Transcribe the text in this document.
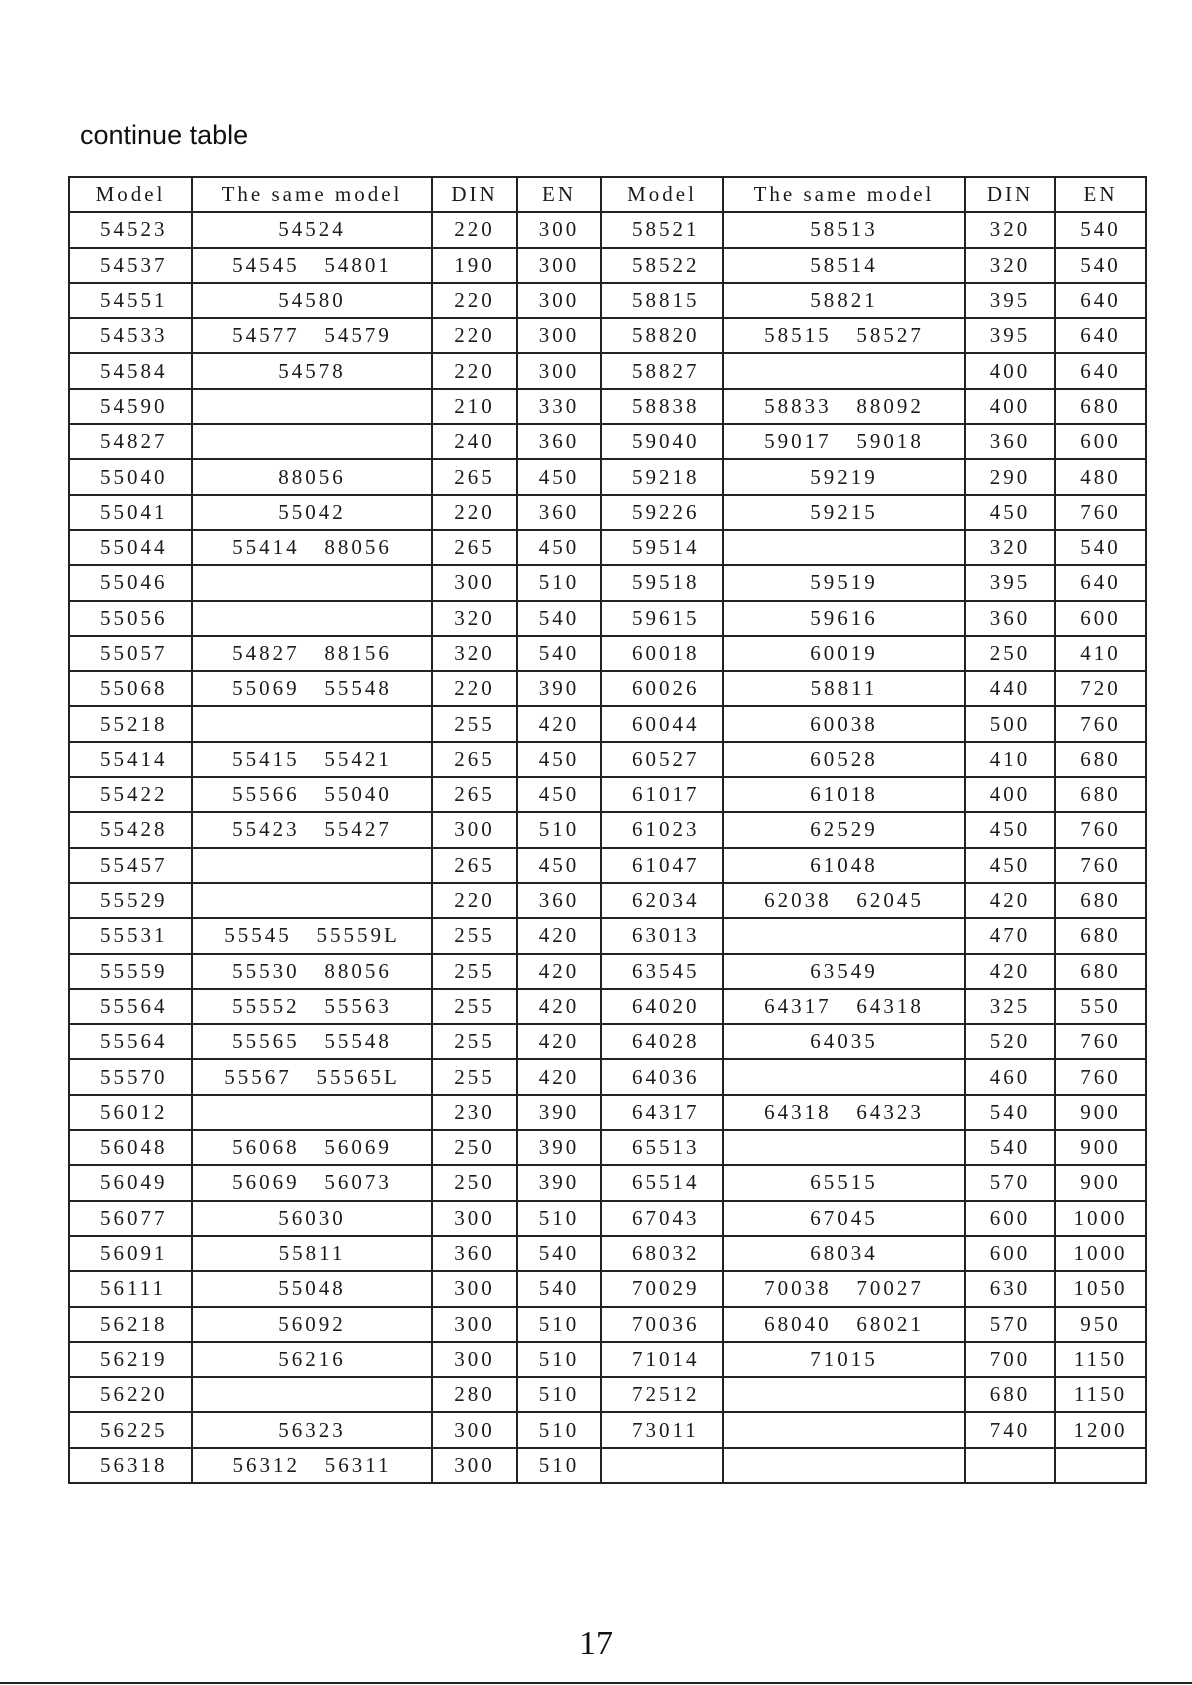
continue table
Model	The same model	DIN	EN	Model	The same model	DIN	EN
54523	54524	220	300	58521	58513	320	540
54537	54545   54801	190	300	58522	58514	320	540
54551	54580	220	300	58815	58821	395	640
54533	54577   54579	220	300	58820	58515   58527	395	640
54584	54578	220	300	58827		400	640
54590		210	330	58838	58833   88092	400	680
54827		240	360	59040	59017   59018	360	600
55040	88056	265	450	59218	59219	290	480
55041	55042	220	360	59226	59215	450	760
55044	55414   88056	265	450	59514		320	540
55046		300	510	59518	59519	395	640
55056		320	540	59615	59616	360	600
55057	54827   88156	320	540	60018	60019	250	410
55068	55069   55548	220	390	60026	58811	440	720
55218		255	420	60044	60038	500	760
55414	55415   55421	265	450	60527	60528	410	680
55422	55566   55040	265	450	61017	61018	400	680
55428	55423   55427	300	510	61023	62529	450	760
55457		265	450	61047	61048	450	760
55529		220	360	62034	62038   62045	420	680
55531	55545   55559L	255	420	63013		470	680
55559	55530   88056	255	420	63545	63549	420	680
55564	55552   55563	255	420	64020	64317   64318	325	550
55564	55565   55548	255	420	64028	64035	520	760
55570	55567   55565L	255	420	64036		460	760
56012		230	390	64317	64318   64323	540	900
56048	56068   56069	250	390	65513		540	900
56049	56069   56073	250	390	65514	65515	570	900
56077	56030	300	510	67043	67045	600	1000
56091	55811	360	540	68032	68034	600	1000
56111	55048	300	540	70029	70038   70027	630	1050
56218	56092	300	510	70036	68040   68021	570	950
56219	56216	300	510	71014	71015	700	1150
56220		280	510	72512		680	1150
56225	56323	300	510	73011		740	1200
56318	56312   56311	300	510				
17
